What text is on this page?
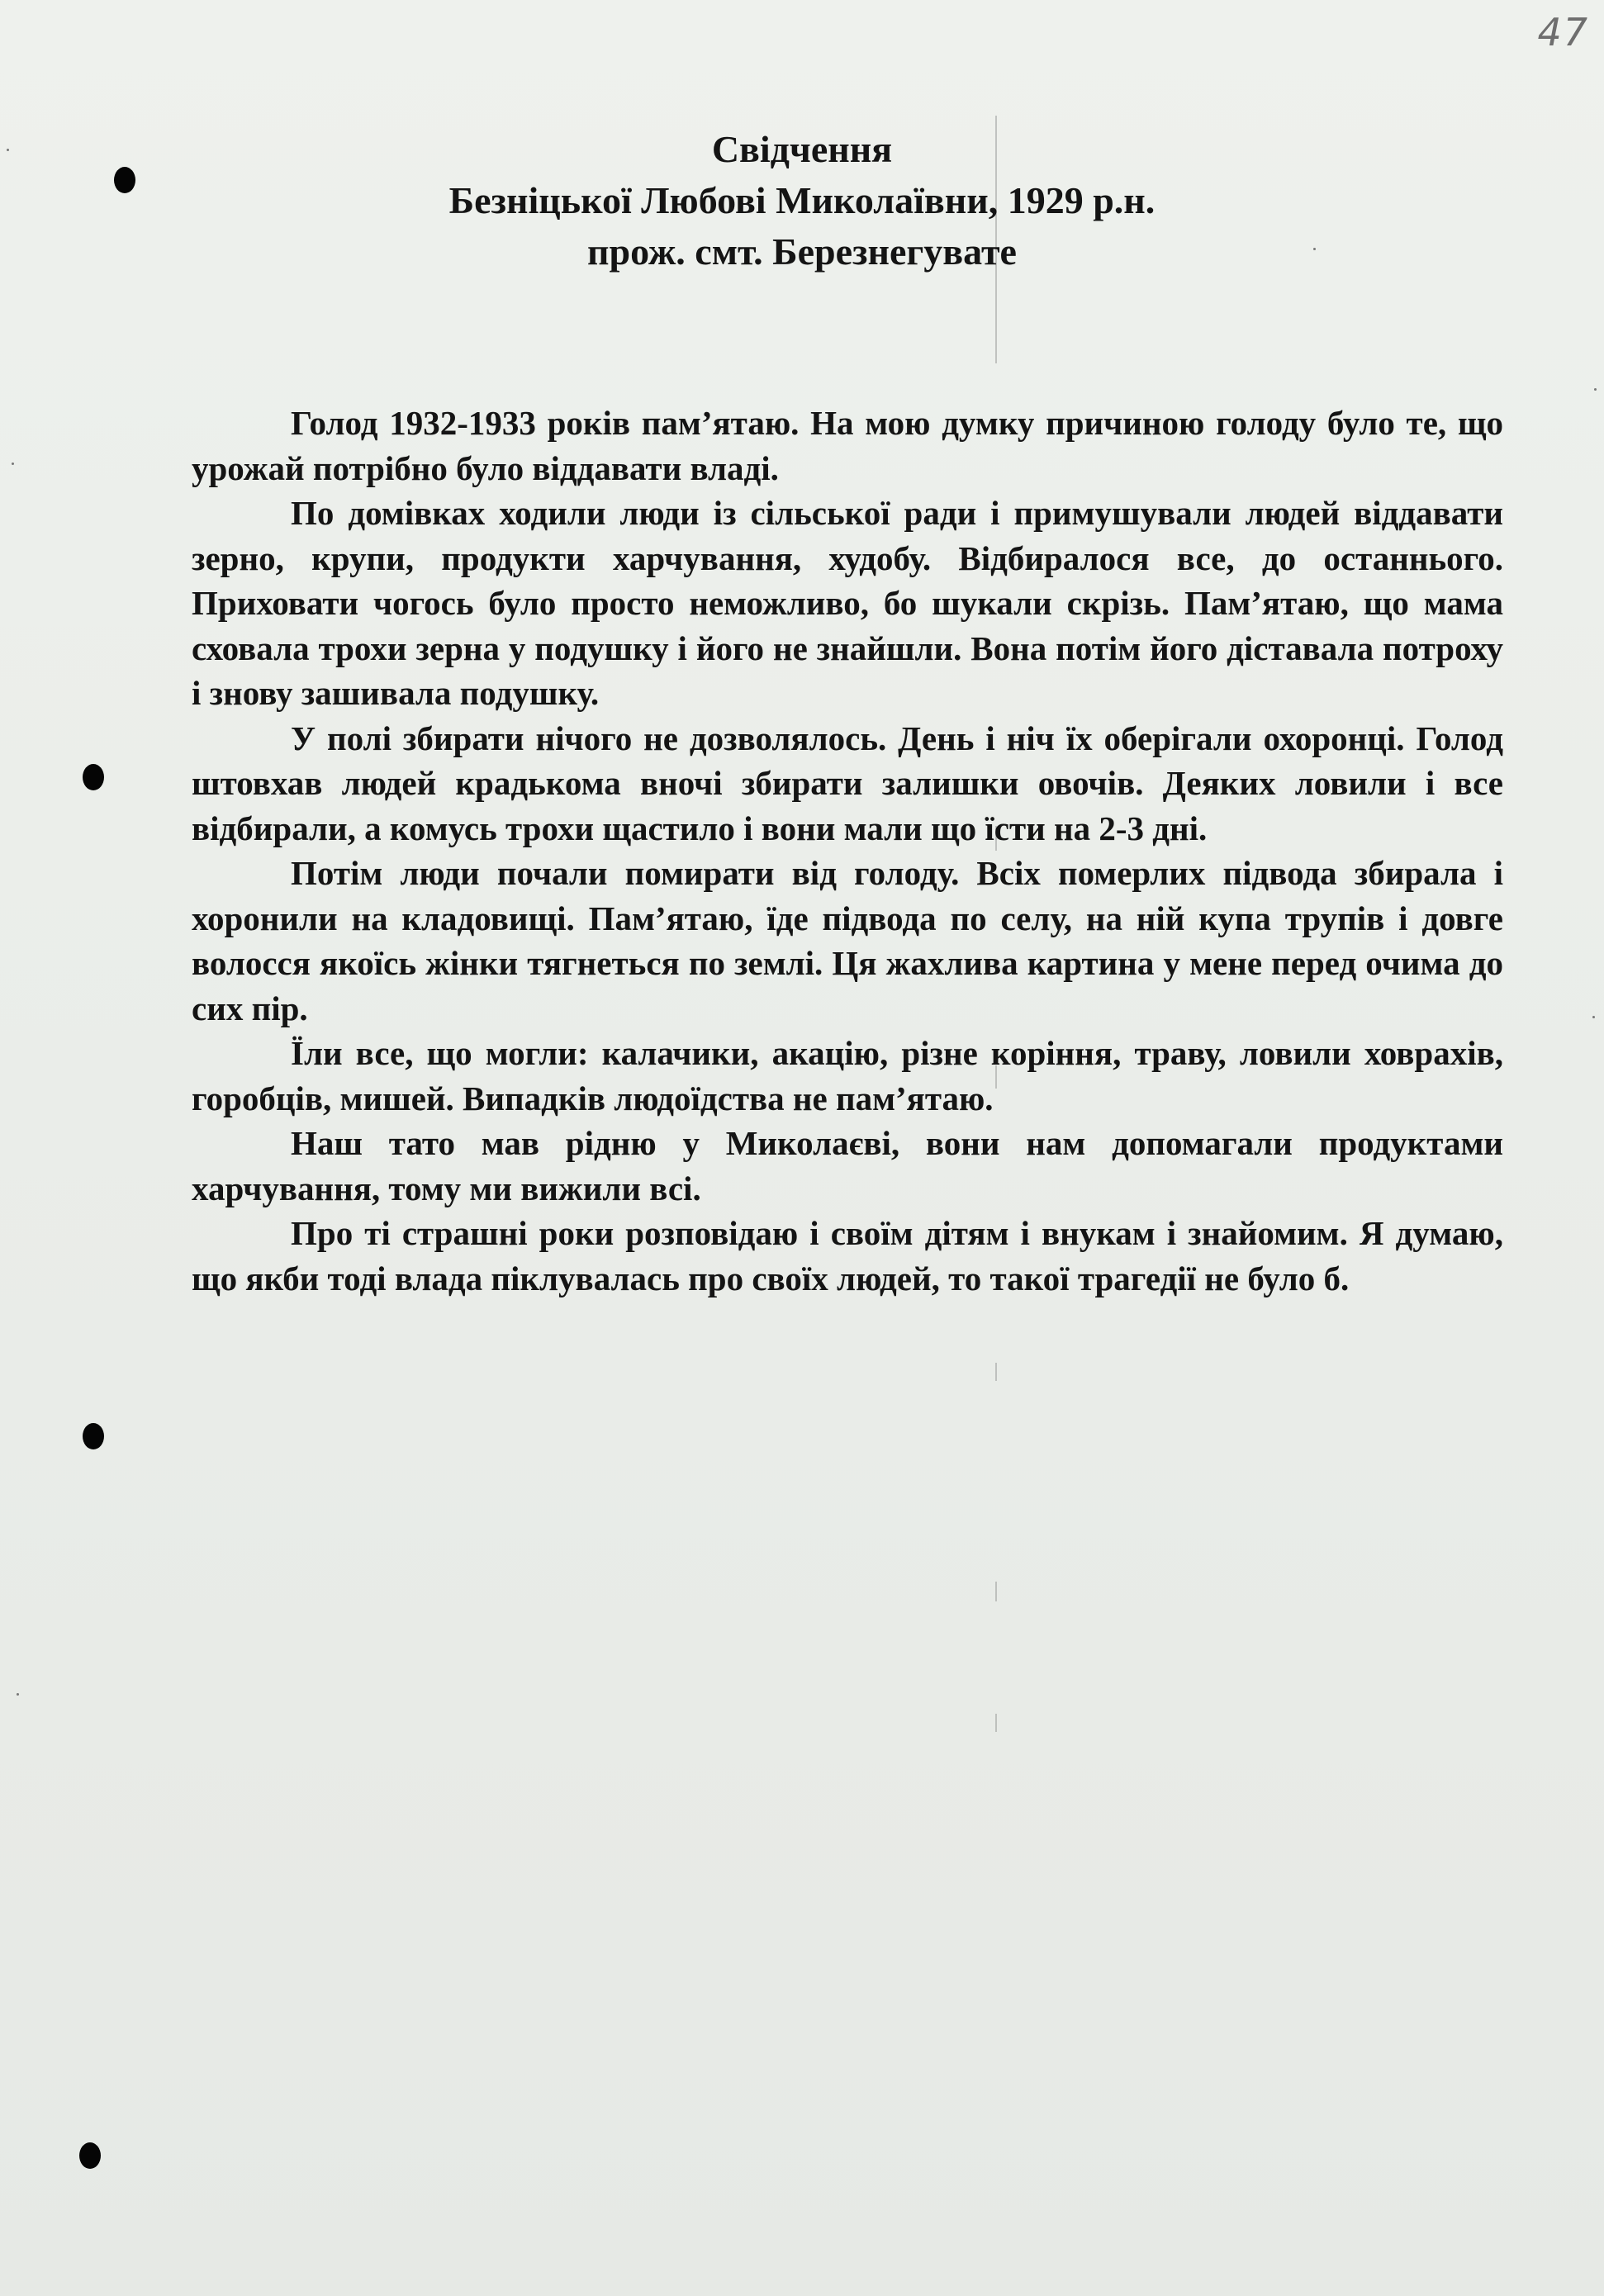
47
Свідчення
Безніцької Любові Миколаївни, 1929 р.н.
прож. смт. Березнегувате

Голод 1932-1933 років пам’ятаю. На мою думку причиною голоду було те, що урожай потрібно було віддавати владі.

По домівках ходили люди із сільської ради і примушували людей віддавати зерно, крупи, продукти харчування, худобу. Відбиралося все, до останнього. Приховати чогось було просто неможливо, бо шукали скрізь. Пам’ятаю, що мама сховала трохи зерна у подушку і його не знайшли. Вона потім його діставала потроху і знову зашивала подушку.

У полі збирати нічого не дозволялось. День і ніч їх оберігали охоронці. Голод штовхав людей крадькома вночі збирати залишки овочів. Деяких ловили і все відбирали, а комусь трохи щастило і вони мали що їсти на 2-3 дні.

Потім люди почали помирати від голоду. Всіх померлих підвода збирала і хоронили на кладовищі. Пам’ятаю, їде підвода по селу, на ній купа трупів і довге волосся якоїсь жінки тягнеться по землі. Ця жахлива картина у мене перед очима до сих пір.

Їли все, що могли: калачики, акацію, різне коріння, траву, ловили ховрахів, горобців, мишей. Випадків людоїдства не пам’ятаю.

Наш тато мав рідню у Миколаєві, вони нам допомагали продуктами харчування, тому ми вижили всі.

Про ті страшні роки розповідаю і своїм дітям і внукам і знайомим. Я думаю, що якби тоді влада піклувалась про своїх людей, то такої трагедії не було б.
